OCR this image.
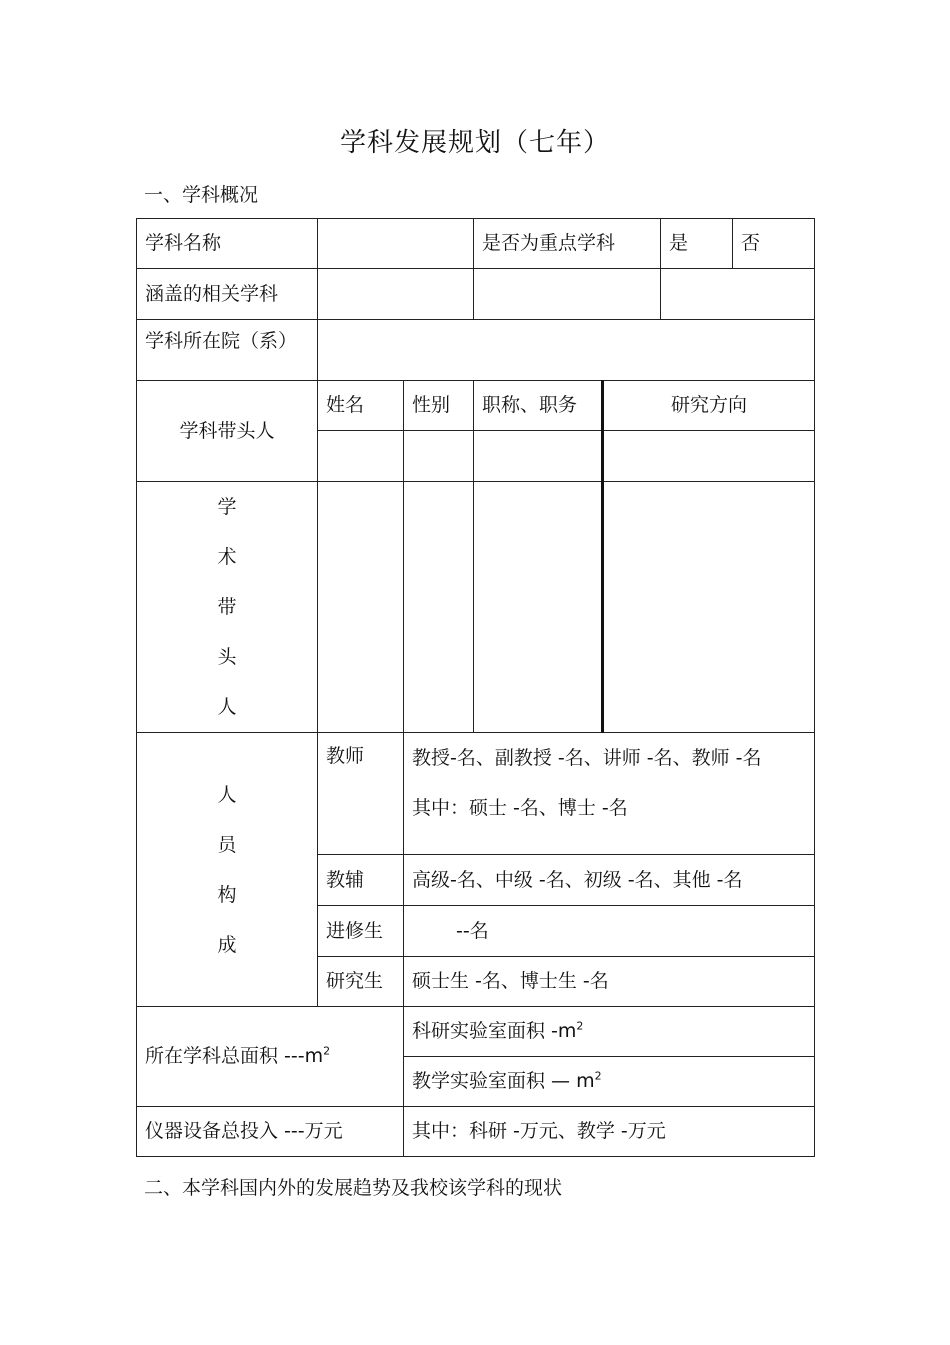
学科发展规划（七年）
一、学科概况
学科名称			是否为重点学科		是	否
涵盖的相关学科						
学科所在院（系）						
学科带头人	姓名	性别	职称、职务	研究方向		

学
术
带
头
人						

人
员
构
成	教师	教授-名、副教授 -名、讲师 -名、教师 -名
其中：硕士 -名、博士 -名				

	教辅	高级-名、中级 -名、初级 -名、其他 -名				
	进修生	--名				
	研究生	硕士生 -名、博士生 -名				
所在学科总面积 $---m^2$		科研实验室面积 $-m^2$
		教学实验室面积 — $m^2$
仪器设备总投入 ---万元		其中：科研 -万元、教学 -万元				
二、本学科国内外的发展趋势及我校该学科的现状
